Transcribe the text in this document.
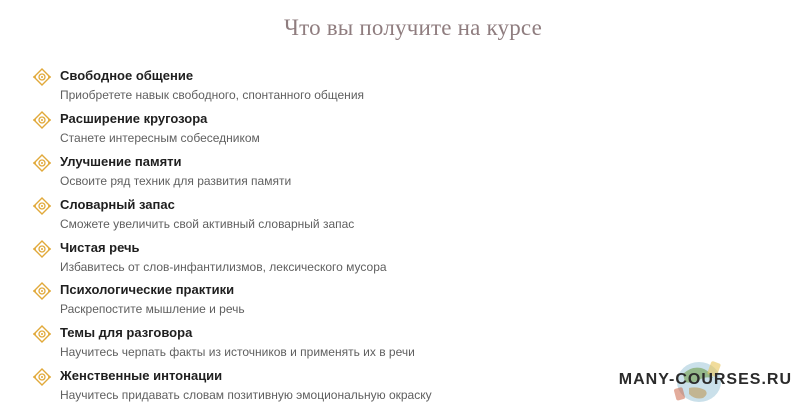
Что вы получите на курсе
Свободное общение
Приобретете навык свободного, спонтанного общения
Расширение кругозора
Станете интересным собеседником
Улучшение памяти
Освоите ряд техник для развития памяти
Словарный запас
Сможете увеличить свой активный словарный запас
Чистая речь
Избавитесь от слов-инфантилизмов, лексического мусора
Психологические практики
Раскрепостите мышление и речь
Темы для разговора
Научитесь черпать факты из источников и применять их в речи
Женственные интонации
Научитесь придавать словам позитивную эмоциональную окраску
MANY-COURSES.RU
